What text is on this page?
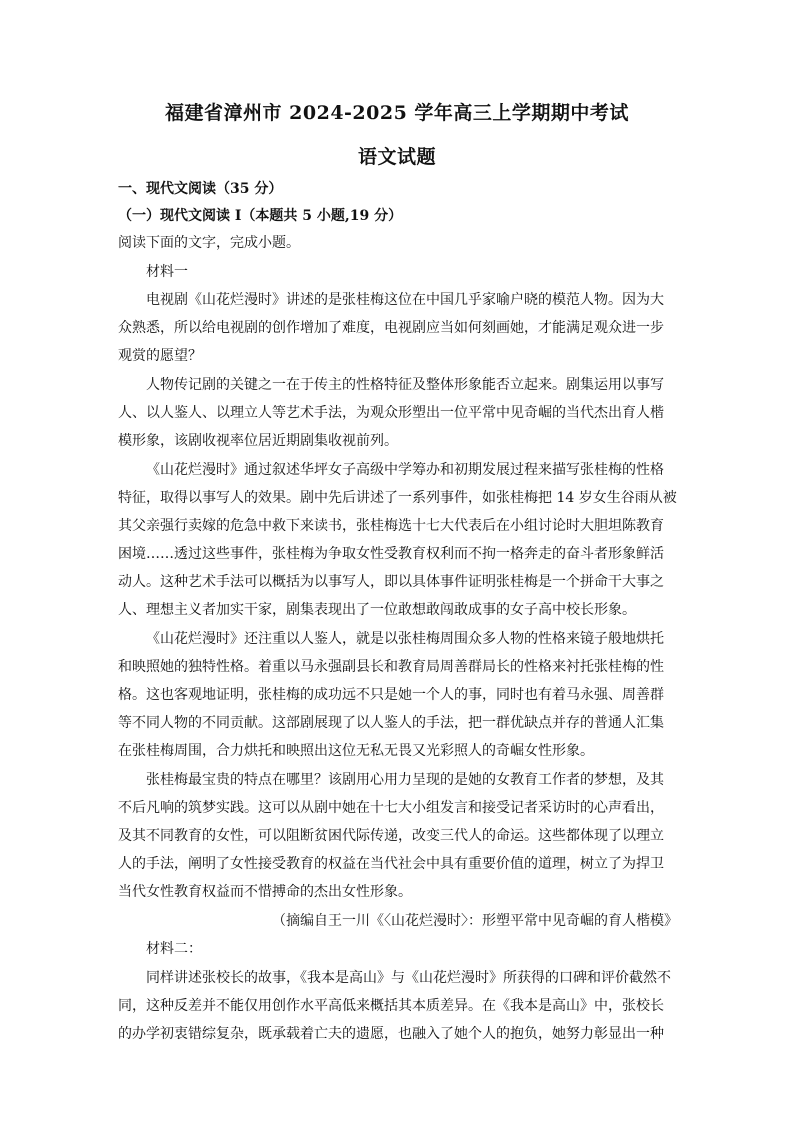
福建省漳州市 2024-2025 学年高三上学期期中考试
语文试题
一、现代文阅读（35 分）
（一）现代文阅读 I（本题共 5 小题,19 分）
阅读下面的文字，完成小题。
材料一
电视剧《山花烂漫时》讲述的是张桂梅这位在中国几乎家喻户晓的模范人物。因为大
众熟悉，所以给电视剧的创作增加了难度，电视剧应当如何刻画她，才能满足观众进一步
观赏的愿望？
人物传记剧的关键之一在于传主的性格特征及整体形象能否立起来。剧集运用以事写
人、以人鉴人、以理立人等艺术手法，为观众形塑出一位平常中见奇崛的当代杰出育人楷
模形象，该剧收视率位居近期剧集收视前列。
《山花烂漫时》通过叙述华坪女子高级中学筹办和初期发展过程来描写张桂梅的性格
特征，取得以事写人的效果。剧中先后讲述了一系列事件，如张桂梅把 14 岁女生谷雨从被
其父亲强行卖嫁的危急中救下来读书，张桂梅选十七大代表后在小组讨论时大胆坦陈教育
困境……透过这些事件，张桂梅为争取女性受教育权利而不拘一格奔走的奋斗者形象鲜活
动人。这种艺术手法可以概括为以事写人，即以具体事件证明张桂梅是一个拼命干大事之
人、理想主义者加实干家，剧集表现出了一位敢想敢闯敢成事的女子高中校长形象。
《山花烂漫时》还注重以人鉴人，就是以张桂梅周围众多人物的性格来镜子般地烘托
和映照她的独特性格。着重以马永强副县长和教育局周善群局长的性格来衬托张桂梅的性
格。这也客观地证明，张桂梅的成功远不只是她一个人的事，同时也有着马永强、周善群
等不同人物的不同贡献。这部剧展现了以人鉴人的手法，把一群优缺点并存的普通人汇集
在张桂梅周围，合力烘托和映照出这位无私无畏又光彩照人的奇崛女性形象。
张桂梅最宝贵的特点在哪里？该剧用心用力呈现的是她的女教育工作者的梦想，及其
不后凡响的筑梦实践。这可以从剧中她在十七大小组发言和接受记者采访时的心声看出，
及其不同教育的女性，可以阻断贫困代际传递，改变三代人的命运。这些都体现了以理立
人的手法，阐明了女性接受教育的权益在当代社会中具有重要价值的道理，树立了为捍卫
当代女性教育权益而不惜搏命的杰出女性形象。
（摘编自王一川《〈山花烂漫时〉：形塑平常中见奇崛的育人楷模》
材料二：
同样讲述张校长的故事，《我本是高山》与《山花烂漫时》所获得的口碑和评价截然不
同，这种反差并不能仅用创作水平高低来概括其本质差异。在《我本是高山》中，张校长
的办学初衷错综复杂，既承载着亡夫的遗愿，也融入了她个人的抱负，她努力彰显出一种
